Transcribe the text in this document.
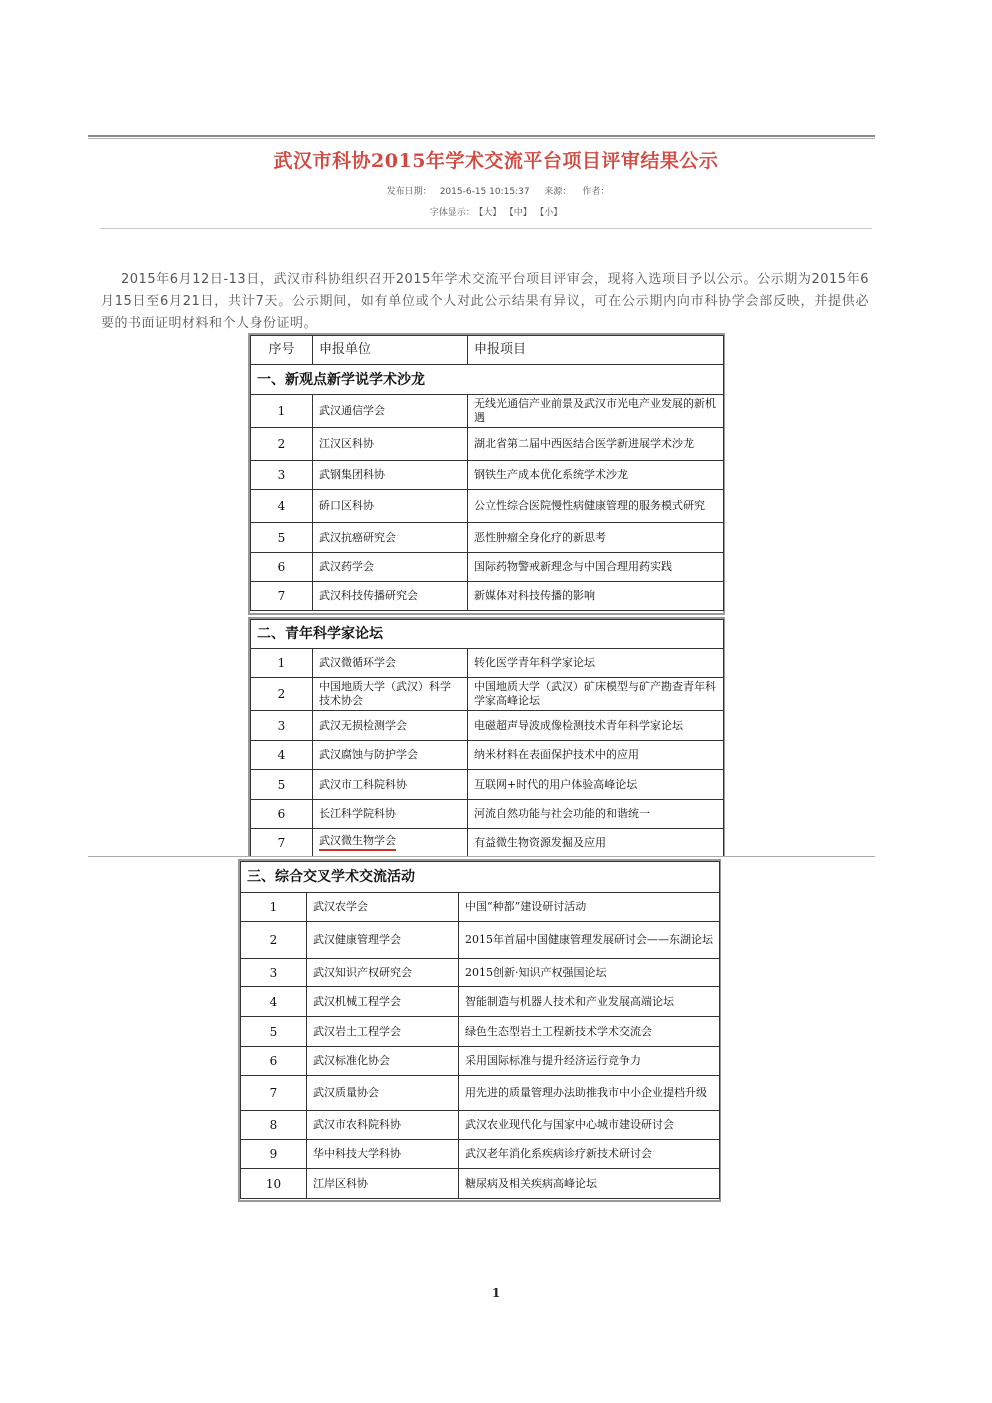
武汉市科协2015年学术交流平台项目评审结果公示
发布日期： 2015-6-15 10:15:37 来源： 作者：
字体显示： 【大】 【中】 【小】
2015年6月12日-13日，武汉市科协组织召开2015年学术交流平台项目评审会，现将入选项目予以公示。公示期为2015年6月15日至6月21日，共计7天。公示期间，如有单位或个人对此公示结果有异议，可在公示期内向市科协学会部反映，并提供必要的书面证明材料和个人身份证明。
序号	申报单位	申报项目
一、新观点新学说学术沙龙		
1	武汉通信学会	无线光通信产业前景及武汉市光电产业发展的新机遇
2	江汉区科协	湖北省第二届中西医结合医学新进展学术沙龙
3	武钢集团科协	钢铁生产成本优化系统学术沙龙
4	硚口区科协	公立性综合医院慢性病健康管理的服务模式研究
5	武汉抗癌研究会	恶性肿瘤全身化疗的新思考
6	武汉药学会	国际药物警戒新理念与中国合理用药实践
7	武汉科技传播研究会	新媒体对科技传播的影响
二、青年科学家论坛		
1	武汉微循环学会	转化医学青年科学家论坛
2	中国地质大学（武汉）科学技术协会	中国地质大学（武汉）矿床模型与矿产勘查青年科学家高峰论坛
3	武汉无损检测学会	电磁超声导波成像检测技术青年科学家论坛
4	武汉腐蚀与防护学会	纳米材料在表面保护技术中的应用
5	武汉市工科院科协	互联网+时代的用户体验高峰论坛
6	长江科学院科协	河流自然功能与社会功能的和谐统一
7	武汉微生物学会	有益微生物资源发掘及应用
三、综合交叉学术交流活动		
1	武汉农学会	中国“种都”建设研讨活动
2	武汉健康管理学会	2015年首届中国健康管理发展研讨会——东湖论坛
3	武汉知识产权研究会	2015创新·知识产权强国论坛
4	武汉机械工程学会	智能制造与机器人技术和产业发展高端论坛
5	武汉岩土工程学会	绿色生态型岩土工程新技术学术交流会
6	武汉标准化协会	采用国际标准与提升经济运行竞争力
7	武汉质量协会	用先进的质量管理办法助推我市中小企业提档升级
8	武汉市农科院科协	武汉农业现代化与国家中心城市建设研讨会
9	华中科技大学科协	武汉老年消化系疾病诊疗新技术研讨会
10	江岸区科协	糖尿病及相关疾病高峰论坛
1
